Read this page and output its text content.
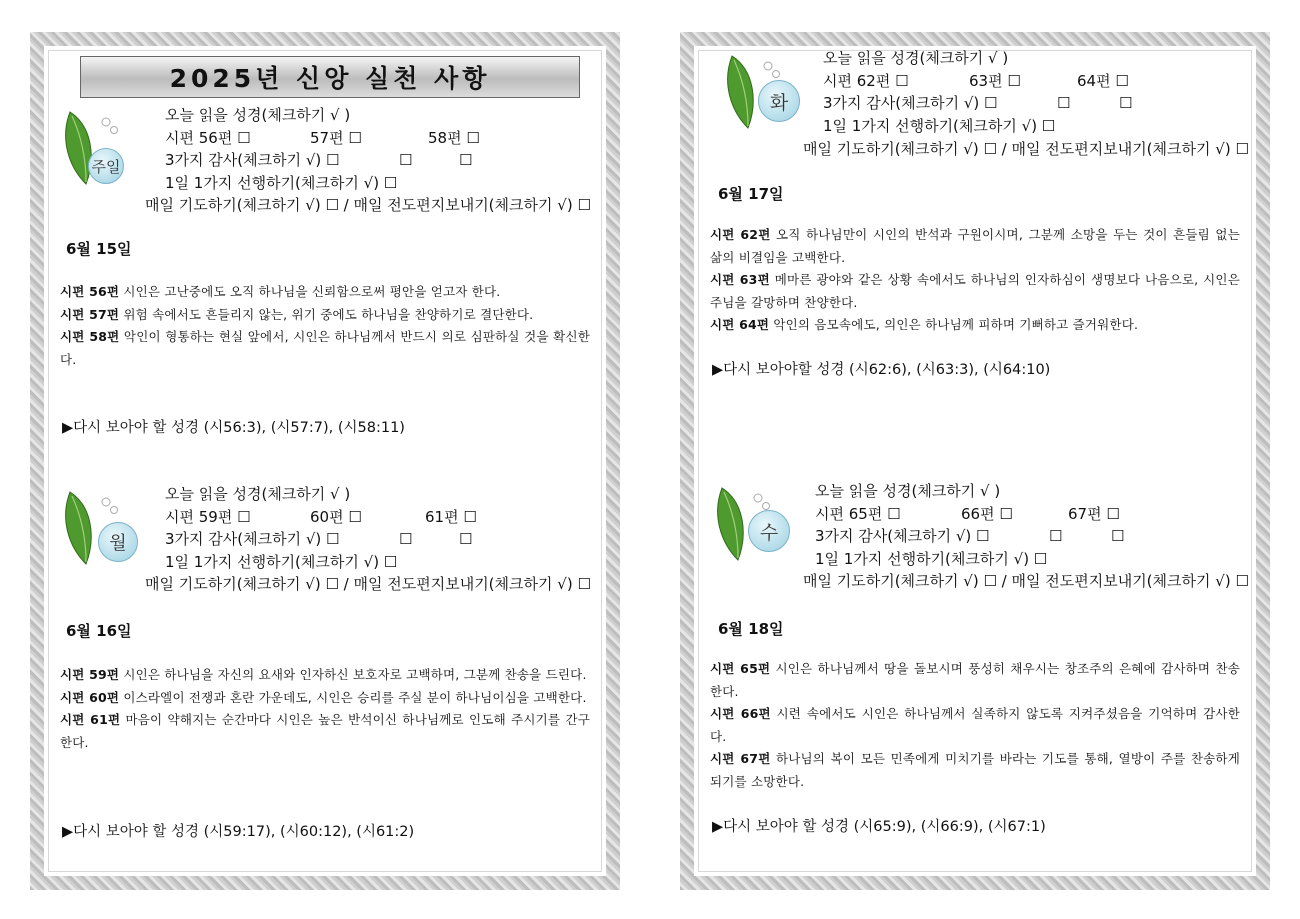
2025년 신앙 실천 사항
주일
오늘 읽을 성경(체크하기 √ )
시편 56편 ☐	57편 ☐	58편 ☐
3가지 감사(체크하기 √) ☐	☐	☐
1일 1가지 선행하기(체크하기 √) ☐
매일 기도하기(체크하기 √) ☐ / 매일 전도편지보내기(체크하기 √) ☐
6월 15일

시편 56편 시인은 고난중에도 오직 하나님을 신뢰함으로써 평안을 얻고자 한다.

시편 57편 위험 속에서도 흔들리지 않는, 위기 중에도 하나님을 찬양하기로 결단한다.

시편 58편 악인이 형통하는 현실 앞에서, 시인은 하나님께서 반드시 의로 심판하실 것을 확신한다.

▶다시 보아야 할 성경 (시56:3), (시57:7), (시58:11)
월
오늘 읽을 성경(체크하기 √ )
시편 59편 ☐	60편 ☐	61편 ☐
3가지 감사(체크하기 √) ☐	☐	☐
1일 1가지 선행하기(체크하기 √) ☐
매일 기도하기(체크하기 √) ☐ / 매일 전도편지보내기(체크하기 √) ☐
6월 16일

시편 59편 시인은 하나님을 자신의 요새와 인자하신 보호자로 고백하며, 그분께 찬송을 드린다.

시편 60편 이스라엘이 전쟁과 혼란 가운데도, 시인은 승리를 주실 분이 하나님이심을 고백한다.

시편 61편 마음이 약해지는 순간마다 시인은 높은 반석이신 하나님께로 인도해 주시기를 간구한다.

▶다시 보아야 할 성경 (시59:17), (시60:12), (시61:2)
화
오늘 읽을 성경(체크하기 √ )
시편 62편 ☐	63편 ☐	64편 ☐
3가지 감사(체크하기 √) ☐	☐	☐
1일 1가지 선행하기(체크하기 √) ☐
매일 기도하기(체크하기 √) ☐ / 매일 전도편지보내기(체크하기 √) ☐
6월 17일

시편 62편 오직 하나님만이 시인의 반석과 구원이시며, 그분께 소망을 두는 것이 흔들림 없는 삶의 비결임을 고백한다.

시편 63편 메마른 광야와 같은 상황 속에서도 하나님의 인자하심이 생명보다 나음으로, 시인은 주님을 갈망하며 찬양한다.

시편 64편 악인의 음모속에도, 의인은 하나님께 피하며 기뻐하고 즐거워한다.

▶다시 보아야할 성경 (시62:6), (시63:3), (시64:10)
수
오늘 읽을 성경(체크하기 √ )
시편 65편 ☐	66편 ☐	67편 ☐
3가지 감사(체크하기 √) ☐	☐	☐
1일 1가지 선행하기(체크하기 √) ☐
매일 기도하기(체크하기 √) ☐ / 매일 전도편지보내기(체크하기 √) ☐
6월 18일

시편 65편 시인은 하나님께서 땅을 돌보시며 풍성히 채우시는 창조주의 은혜에 감사하며 찬송한다.

시편 66편 시련 속에서도 시인은 하나님께서 실족하지 않도록 지켜주셨음을 기억하며 감사한다.

시편 67편 하나님의 복이 모든 민족에게 미치기를 바라는 기도를 통해, 열방이 주를 찬송하게 되기를 소망한다.

▶다시 보아야 할 성경 (시65:9), (시66:9), (시67:1)
